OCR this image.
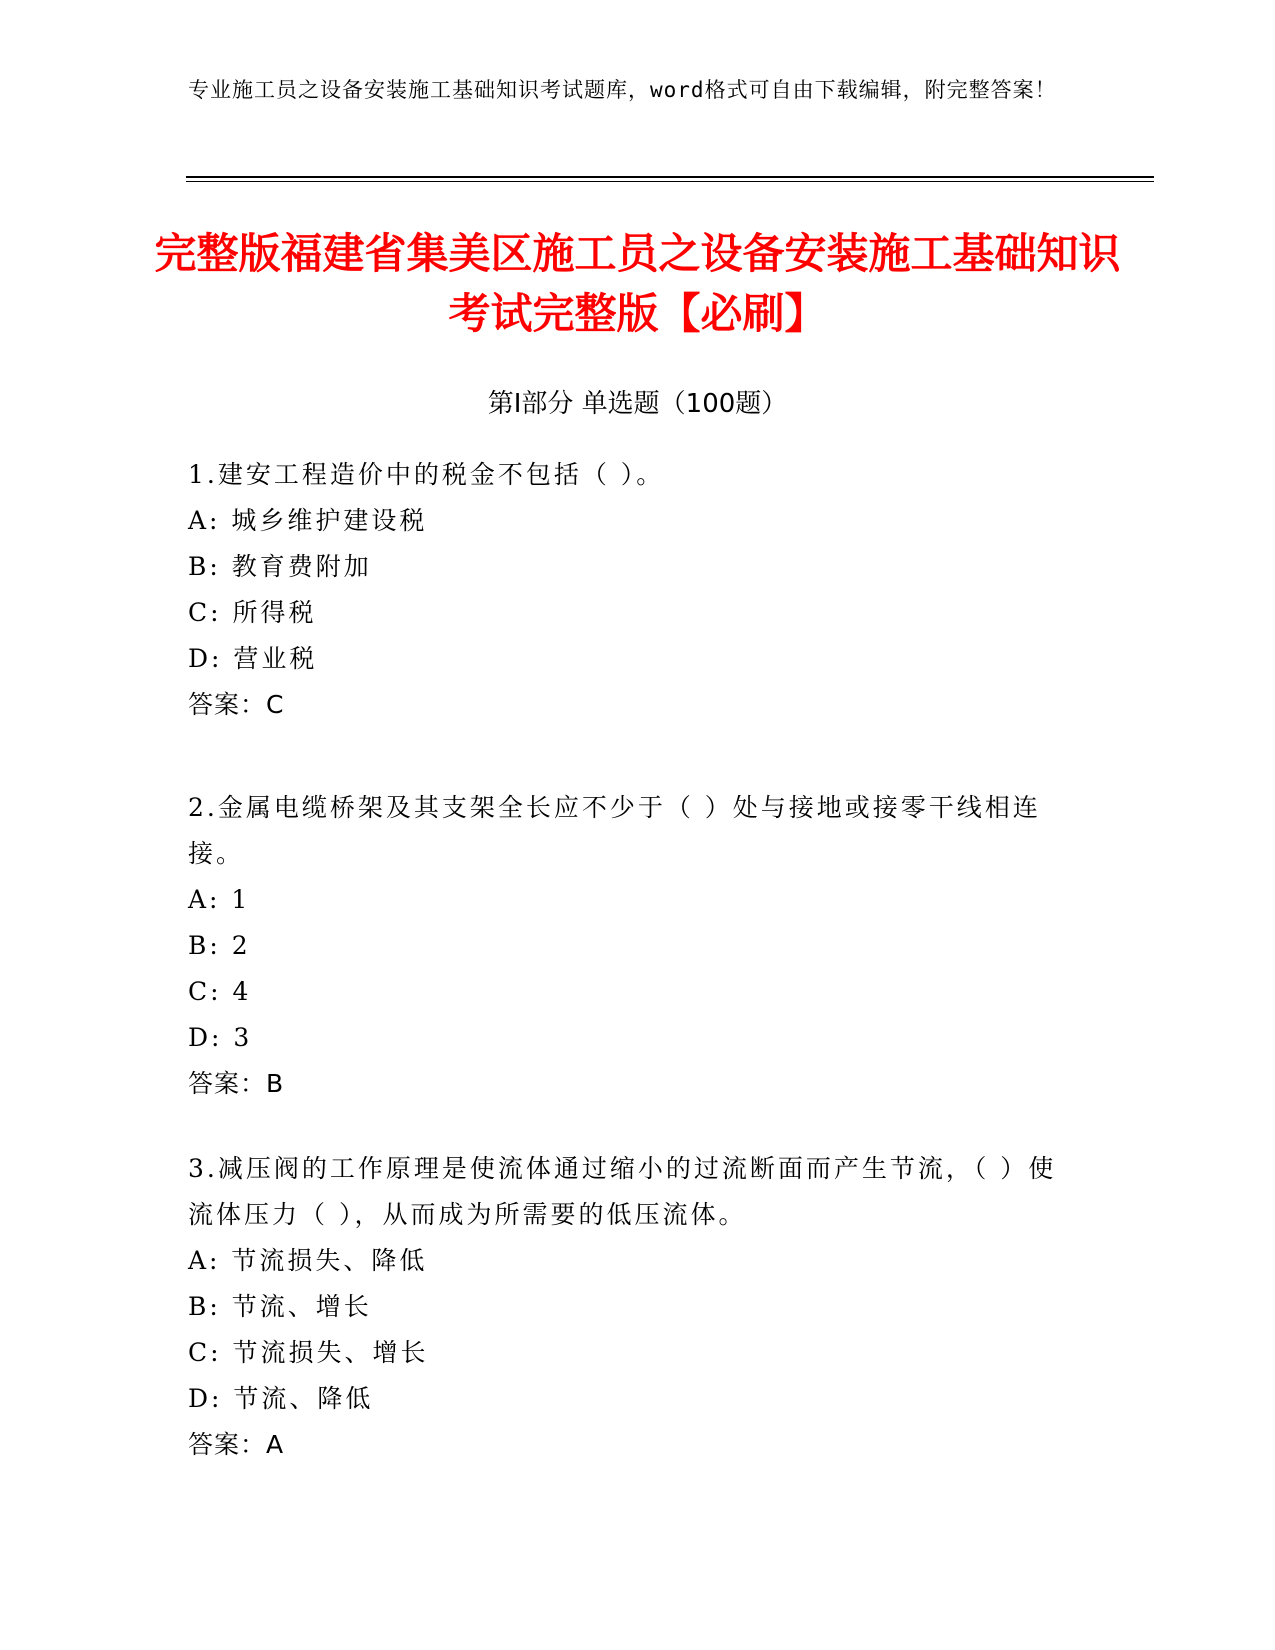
专业施工员之设备安装施工基础知识考试题库，word格式可自由下载编辑，附完整答案！
完整版福建省集美区施工员之设备安装施工基础知识考试完整版【必刷】
第Ⅰ部分 单选题（100题）
1.建安工程造价中的税金不包括（ ）。
A: 城乡维护建设税
B: 教育费附加
C: 所得税
D: 营业税
答案：C
2.金属电缆桥架及其支架全长应不少于（ ）处与接地或接零干线相连接。
A: 1
B: 2
C: 4
D: 3
答案：B
3.减压阀的工作原理是使流体通过缩小的过流断面而产生节流，（ ）使流体压力（ ），从而成为所需要的低压流体。
A: 节流损失、降低
B: 节流、增长
C: 节流损失、增长
D: 节流、降低
答案：A
